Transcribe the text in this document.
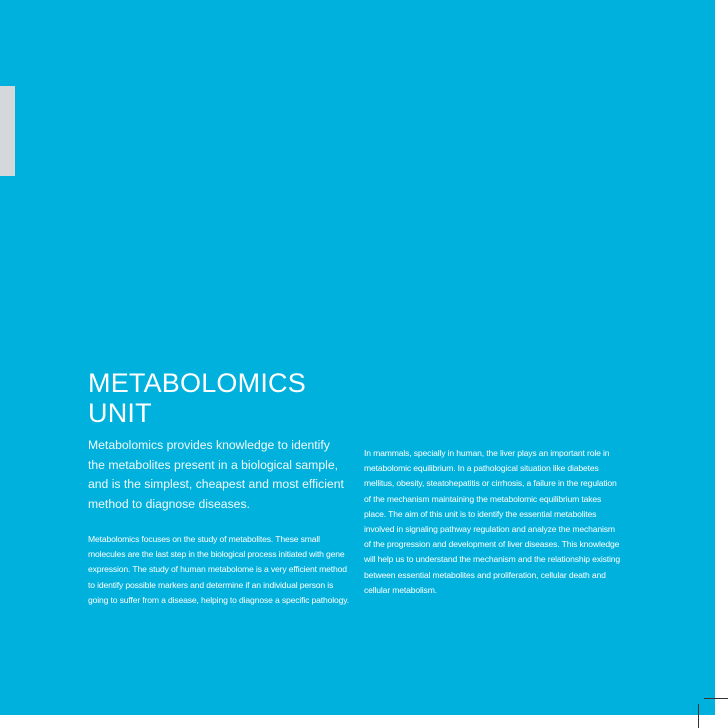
METABOLOMICS
UNIT

Metabolomics provides knowledge to identify the metabolites present in a biological sample, and is the simplest, cheapest and most efficient method to diagnose diseases.

Metabolomics focuses on the study of metabolites. These small molecules are the last step in the biological process initiated with gene expression. The study of human metabolome is a very efficient method to identify possible markers and determine if an individual person is going to suffer from a disease, helping to diagnose a specific pathology.

In mammals, specially in human, the liver plays an important role in metabolomic equilibrium. In a pathological situation like diabetes mellitus, obesity, steatohepatitis or cirrhosis, a failure in the regulation of the mechanism maintaining the metabolomic equilibrium takes place. The aim of this unit is to identify the essential metabolites involved in signaling pathway regulation and analyze the mechanism of the progression and development of liver diseases. This knowledge will help us to understand the mechanism and the relationship existing between essential metabolites and proliferation, cellular death and cellular metabolism.
